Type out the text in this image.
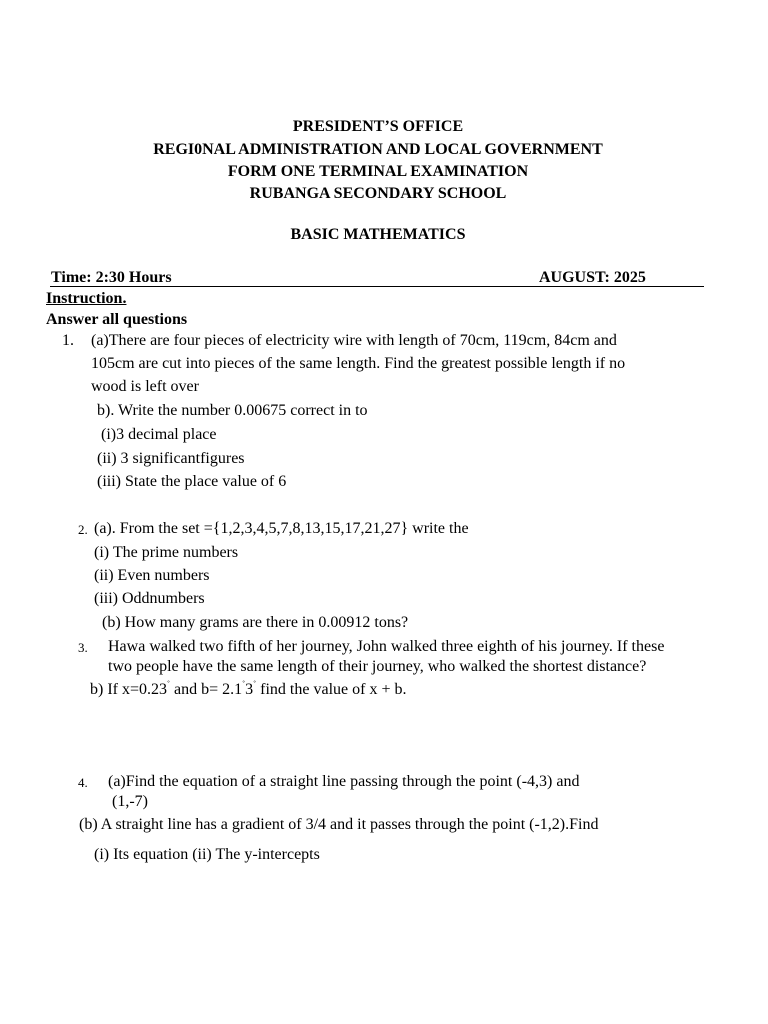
PRESIDENT’S OFFICE
REGI0NAL ADMINISTRATION AND LOCAL GOVERNMENT
FORM ONE TERMINAL EXAMINATION
RUBANGA SECONDARY SCHOOL
BASIC MATHEMATICS
Time: 2:30 Hours	AUGUST: 2025
Instruction.
Answer all questions
1. (a)There are four pieces of electricity wire with length of 70cm, 119cm, 84cm and
105cm are cut into pieces of the same length. Find the greatest possible length if no
wood is left over
b). Write the number 0.00675 correct in to
(i)3 decimal place
(ii) 3 significantfigures
(iii) State the place value of 6
2. (a). From the set ={1,2,3,4,5,7,8,13,15,17,21,27} write the
(i) The prime numbers
(ii) Even numbers
(iii) Oddnumbers
(b) How many grams are there in 0.00912 tons?
3. Hawa walked two fifth of her journey, John walked three eighth of his journey. If these
two people have the same length of their journey, who walked the shortest distance?
b) If x=0.23˚ and b= 2.1˚3˚ find the value of x + b.
4. (a)Find the equation of a straight line passing through the point (-4,3) and
(1,-7)
(b) A straight line has a gradient of 3/4 and it passes through the point (-1,2).Find
(i) Its equation (ii) The y-intercepts
